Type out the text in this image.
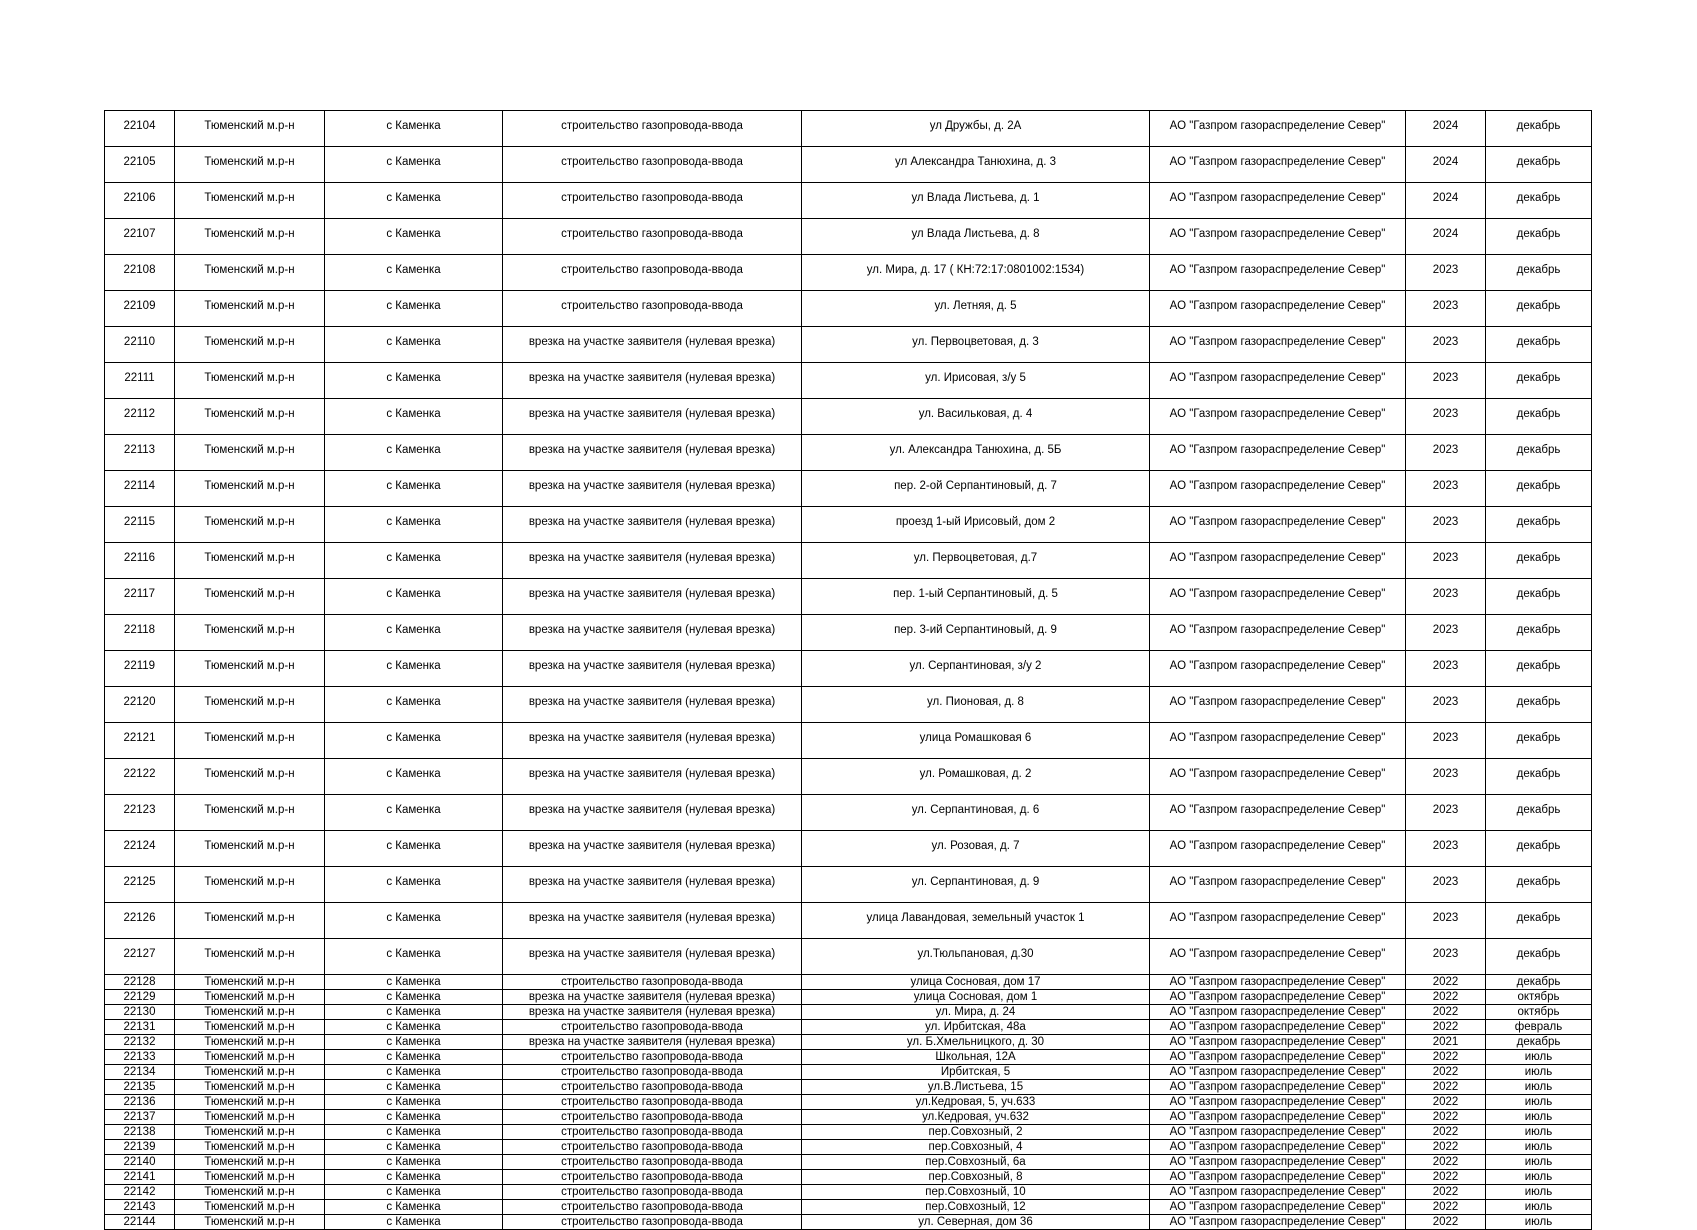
22104	Тюменский м.р-н	с Каменка	строительство газопровода-ввода	ул Дружбы, д. 2А	АО "Газпром газораспределение Север"	2024	декабрь
22105	Тюменский м.р-н	с Каменка	строительство газопровода-ввода	ул Александра Танюхина, д. 3	АО "Газпром газораспределение Север"	2024	декабрь
22106	Тюменский м.р-н	с Каменка	строительство газопровода-ввода	ул Влада Листьева, д. 1	АО "Газпром газораспределение Север"	2024	декабрь
22107	Тюменский м.р-н	с Каменка	строительство газопровода-ввода	ул Влада Листьева, д. 8	АО "Газпром газораспределение Север"	2024	декабрь
22108	Тюменский м.р-н	с Каменка	строительство газопровода-ввода	ул. Мира, д. 17 ( КН:72:17:0801002:1534)	АО "Газпром газораспределение Север"	2023	декабрь
22109	Тюменский м.р-н	с Каменка	строительство газопровода-ввода	ул. Летняя, д. 5	АО "Газпром газораспределение Север"	2023	декабрь
22110	Тюменский м.р-н	с Каменка	врезка на участке заявителя (нулевая врезка)	ул. Первоцветовая, д. 3	АО "Газпром газораспределение Север"	2023	декабрь
22111	Тюменский м.р-н	с Каменка	врезка на участке заявителя (нулевая врезка)	ул. Ирисовая, з/у 5	АО "Газпром газораспределение Север"	2023	декабрь
22112	Тюменский м.р-н	с Каменка	врезка на участке заявителя (нулевая врезка)	ул. Васильковая, д. 4	АО "Газпром газораспределение Север"	2023	декабрь
22113	Тюменский м.р-н	с Каменка	врезка на участке заявителя (нулевая врезка)	ул. Александра Танюхина, д. 5Б	АО "Газпром газораспределение Север"	2023	декабрь
22114	Тюменский м.р-н	с Каменка	врезка на участке заявителя (нулевая врезка)	пер. 2-ой Серпантиновый, д. 7	АО "Газпром газораспределение Север"	2023	декабрь
22115	Тюменский м.р-н	с Каменка	врезка на участке заявителя (нулевая врезка)	проезд 1-ый Ирисовый, дом 2	АО "Газпром газораспределение Север"	2023	декабрь
22116	Тюменский м.р-н	с Каменка	врезка на участке заявителя (нулевая врезка)	ул. Первоцветовая, д.7	АО "Газпром газораспределение Север"	2023	декабрь
22117	Тюменский м.р-н	с Каменка	врезка на участке заявителя (нулевая врезка)	пер. 1-ый Серпантиновый, д. 5	АО "Газпром газораспределение Север"	2023	декабрь
22118	Тюменский м.р-н	с Каменка	врезка на участке заявителя (нулевая врезка)	пер. 3-ий Серпантиновый, д. 9	АО "Газпром газораспределение Север"	2023	декабрь
22119	Тюменский м.р-н	с Каменка	врезка на участке заявителя (нулевая врезка)	ул. Серпантиновая, з/у 2	АО "Газпром газораспределение Север"	2023	декабрь
22120	Тюменский м.р-н	с Каменка	врезка на участке заявителя (нулевая врезка)	ул. Пионовая, д. 8	АО "Газпром газораспределение Север"	2023	декабрь
22121	Тюменский м.р-н	с Каменка	врезка на участке заявителя (нулевая врезка)	улица Ромашковая 6	АО "Газпром газораспределение Север"	2023	декабрь
22122	Тюменский м.р-н	с Каменка	врезка на участке заявителя (нулевая врезка)	ул. Ромашковая, д. 2	АО "Газпром газораспределение Север"	2023	декабрь
22123	Тюменский м.р-н	с Каменка	врезка на участке заявителя (нулевая врезка)	ул. Серпантиновая, д. 6	АО "Газпром газораспределение Север"	2023	декабрь
22124	Тюменский м.р-н	с Каменка	врезка на участке заявителя (нулевая врезка)	ул. Розовая, д. 7	АО "Газпром газораспределение Север"	2023	декабрь
22125	Тюменский м.р-н	с Каменка	врезка на участке заявителя (нулевая врезка)	ул. Серпантиновая, д. 9	АО "Газпром газораспределение Север"	2023	декабрь
22126	Тюменский м.р-н	с Каменка	врезка на участке заявителя (нулевая врезка)	улица Лавандовая, земельный участок 1	АО "Газпром газораспределение Север"	2023	декабрь
22127	Тюменский м.р-н	с Каменка	врезка на участке заявителя (нулевая врезка)	ул.Тюльпановая, д.30	АО "Газпром газораспределение Север"	2023	декабрь
22128	Тюменский м.р-н	с Каменка	строительство газопровода-ввода	улица Сосновая, дом 17	АО "Газпром газораспределение Север"	2022	декабрь
22129	Тюменский м.р-н	с Каменка	врезка на участке заявителя (нулевая врезка)	улица Сосновая, дом 1	АО "Газпром газораспределение Север"	2022	октябрь
22130	Тюменский м.р-н	с Каменка	врезка на участке заявителя (нулевая врезка)	ул. Мира, д. 24	АО "Газпром газораспределение Север"	2022	октябрь
22131	Тюменский м.р-н	с Каменка	строительство газопровода-ввода	ул. Ирбитская, 48а	АО "Газпром газораспределение Север"	2022	февраль
22132	Тюменский м.р-н	с Каменка	врезка на участке заявителя (нулевая врезка)	ул. Б.Хмельницкого, д. 30	АО "Газпром газораспределение Север"	2021	декабрь
22133	Тюменский м.р-н	с Каменка	строительство газопровода-ввода	Школьная, 12А	АО "Газпром газораспределение Север"	2022	июль
22134	Тюменский м.р-н	с Каменка	строительство газопровода-ввода	Ирбитская, 5	АО "Газпром газораспределение Север"	2022	июль
22135	Тюменский м.р-н	с Каменка	строительство газопровода-ввода	ул.В.Листьева, 15	АО "Газпром газораспределение Север"	2022	июль
22136	Тюменский м.р-н	с Каменка	строительство газопровода-ввода	ул.Кедровая, 5, уч.633	АО "Газпром газораспределение Север"	2022	июль
22137	Тюменский м.р-н	с Каменка	строительство газопровода-ввода	ул.Кедровая, уч.632	АО "Газпром газораспределение Север"	2022	июль
22138	Тюменский м.р-н	с Каменка	строительство газопровода-ввода	пер.Совхозный, 2	АО "Газпром газораспределение Север"	2022	июль
22139	Тюменский м.р-н	с Каменка	строительство газопровода-ввода	пер.Совхозный, 4	АО "Газпром газораспределение Север"	2022	июль
22140	Тюменский м.р-н	с Каменка	строительство газопровода-ввода	пер.Совхозный, 6а	АО "Газпром газораспределение Север"	2022	июль
22141	Тюменский м.р-н	с Каменка	строительство газопровода-ввода	пер.Совхозный, 8	АО "Газпром газораспределение Север"	2022	июль
22142	Тюменский м.р-н	с Каменка	строительство газопровода-ввода	пер.Совхозный, 10	АО "Газпром газораспределение Север"	2022	июль
22143	Тюменский м.р-н	с Каменка	строительство газопровода-ввода	пер.Совхозный, 12	АО "Газпром газораспределение Север"	2022	июль
22144	Тюменский м.р-н	с Каменка	строительство газопровода-ввода	ул. Северная, дом 36	АО "Газпром газораспределение Север"	2022	июль
